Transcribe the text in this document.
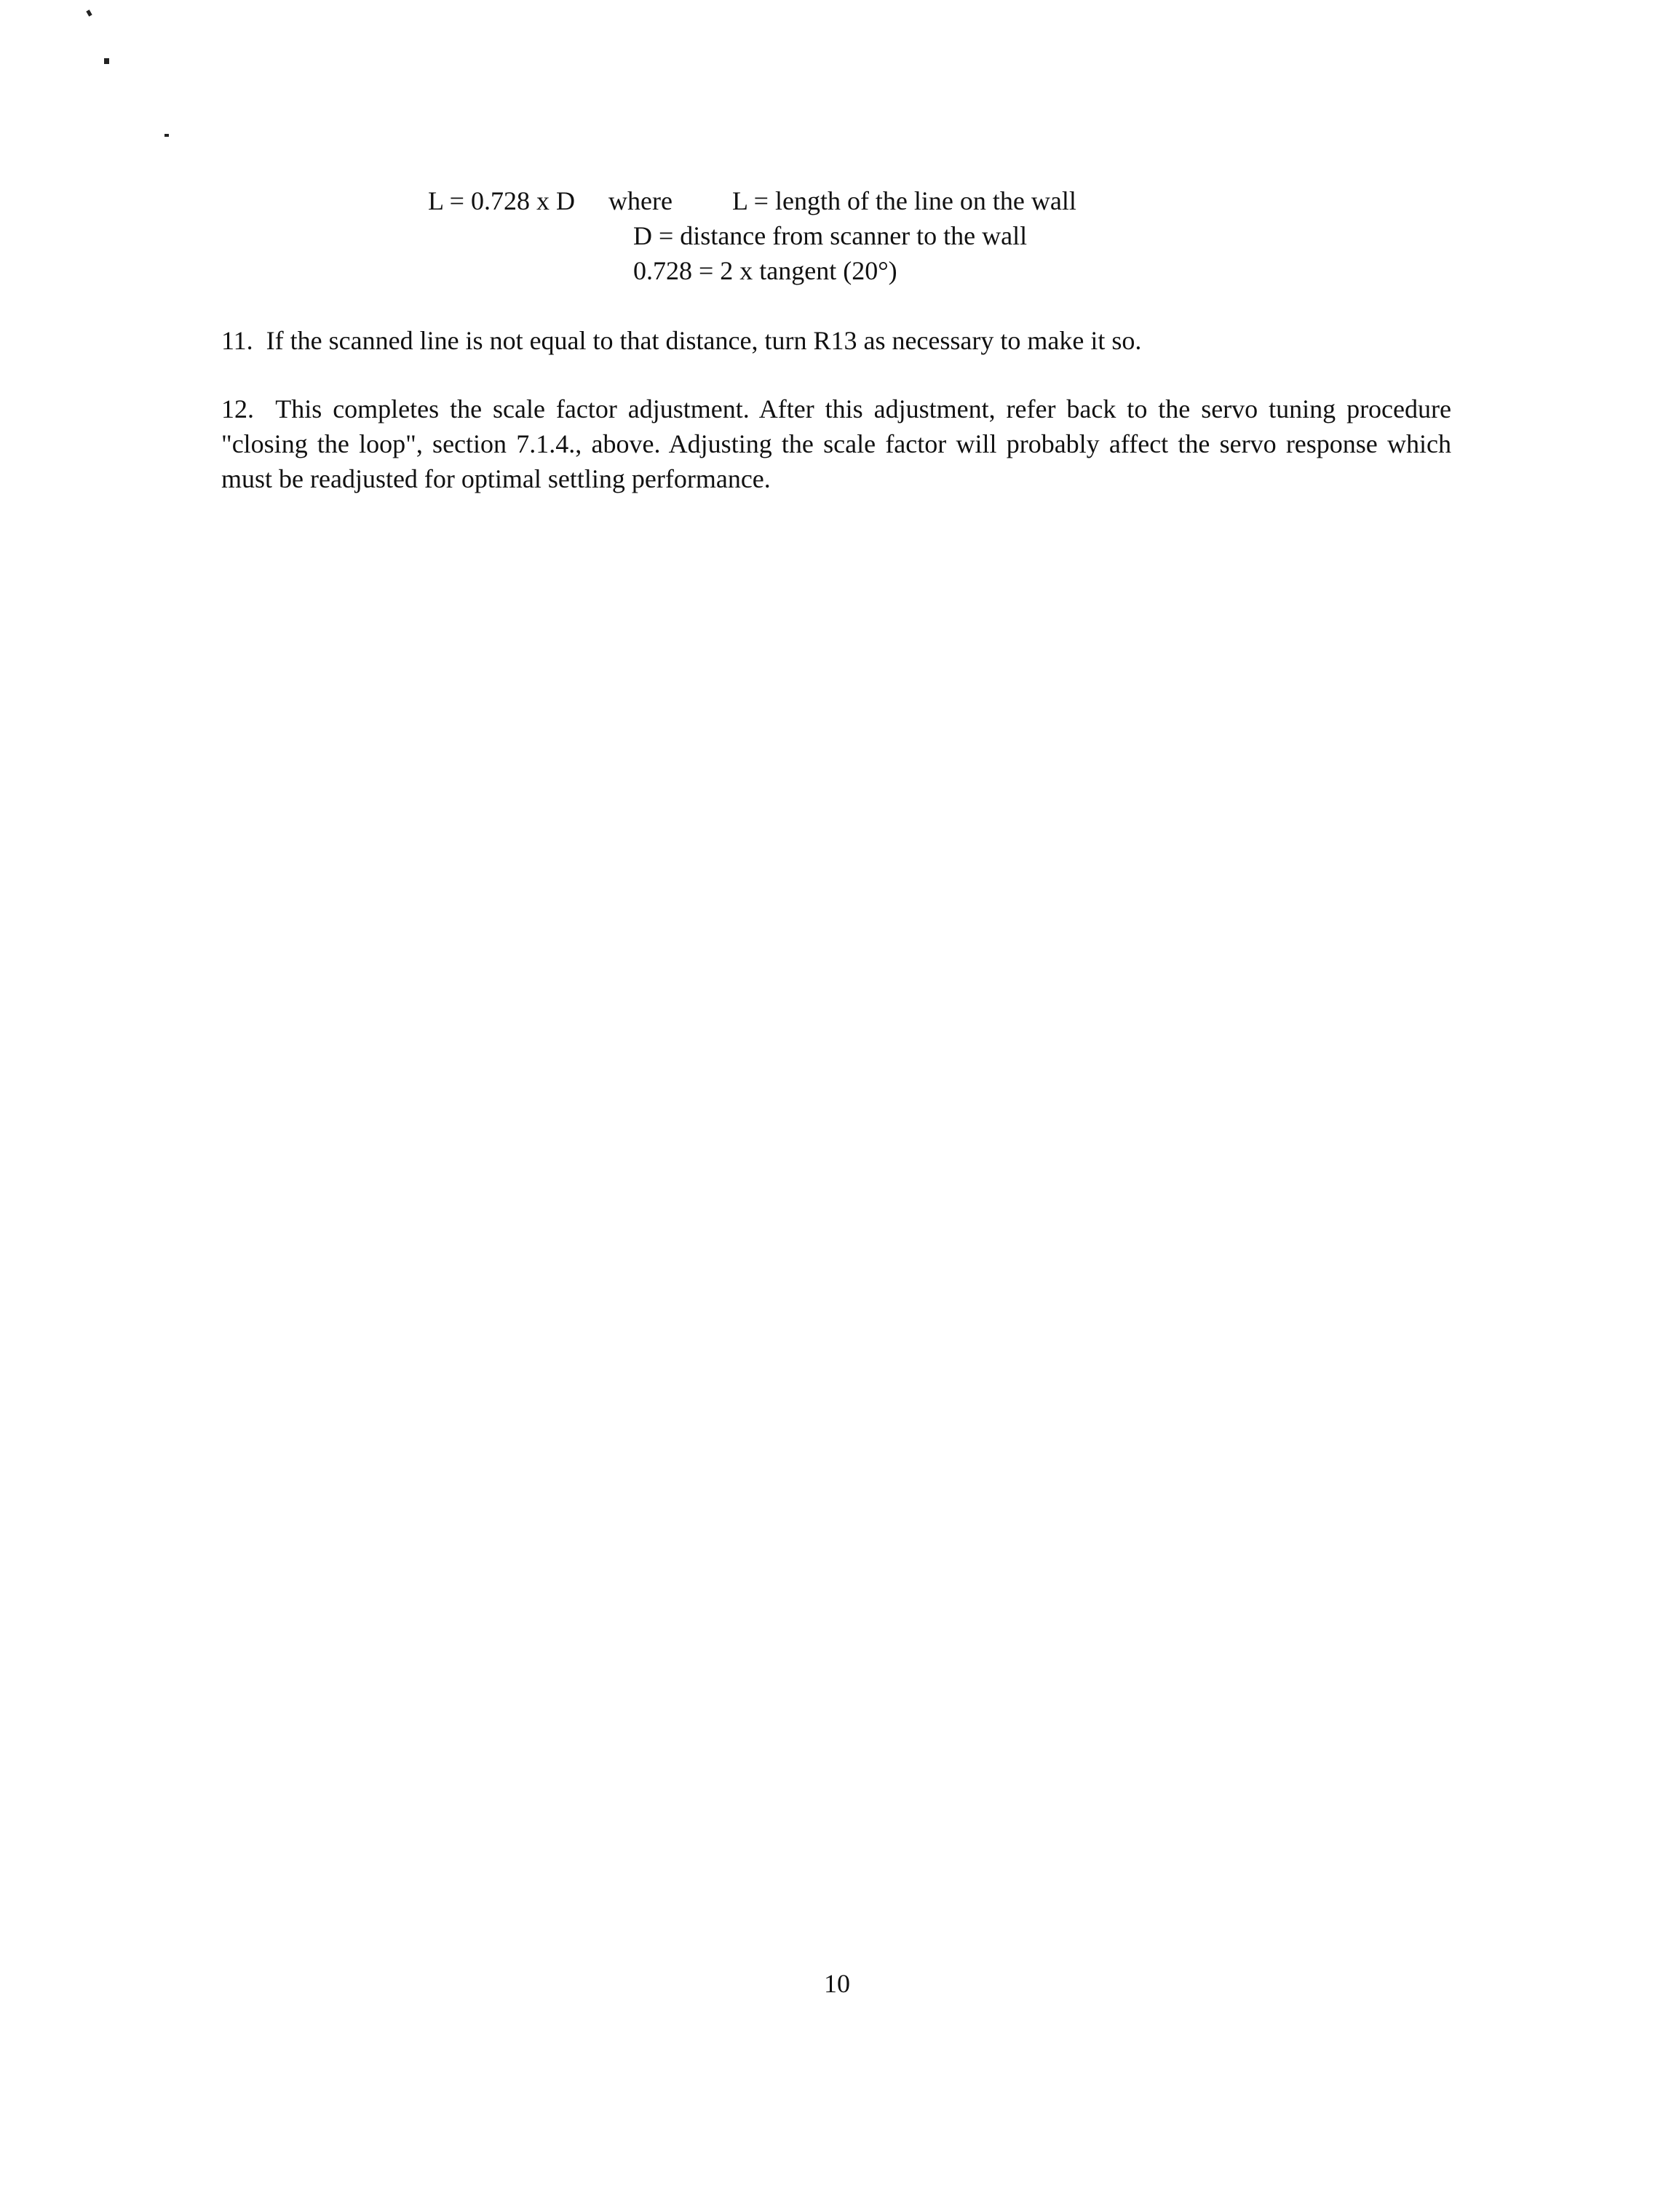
L = 0.728 x D where L = length of the line on the wall
D = distance from scanner to the wall
0.728 = 2 x tangent (20°)
11. If the scanned line is not equal to that distance, turn R13 as necessary to make it so.
12. This completes the scale factor adjustment. After this adjustment, refer back to the servo tuning procedure "closing the loop", section 7.1.4., above. Adjusting the scale factor will probably affect the servo response which must be readjusted for optimal settling performance.
10
